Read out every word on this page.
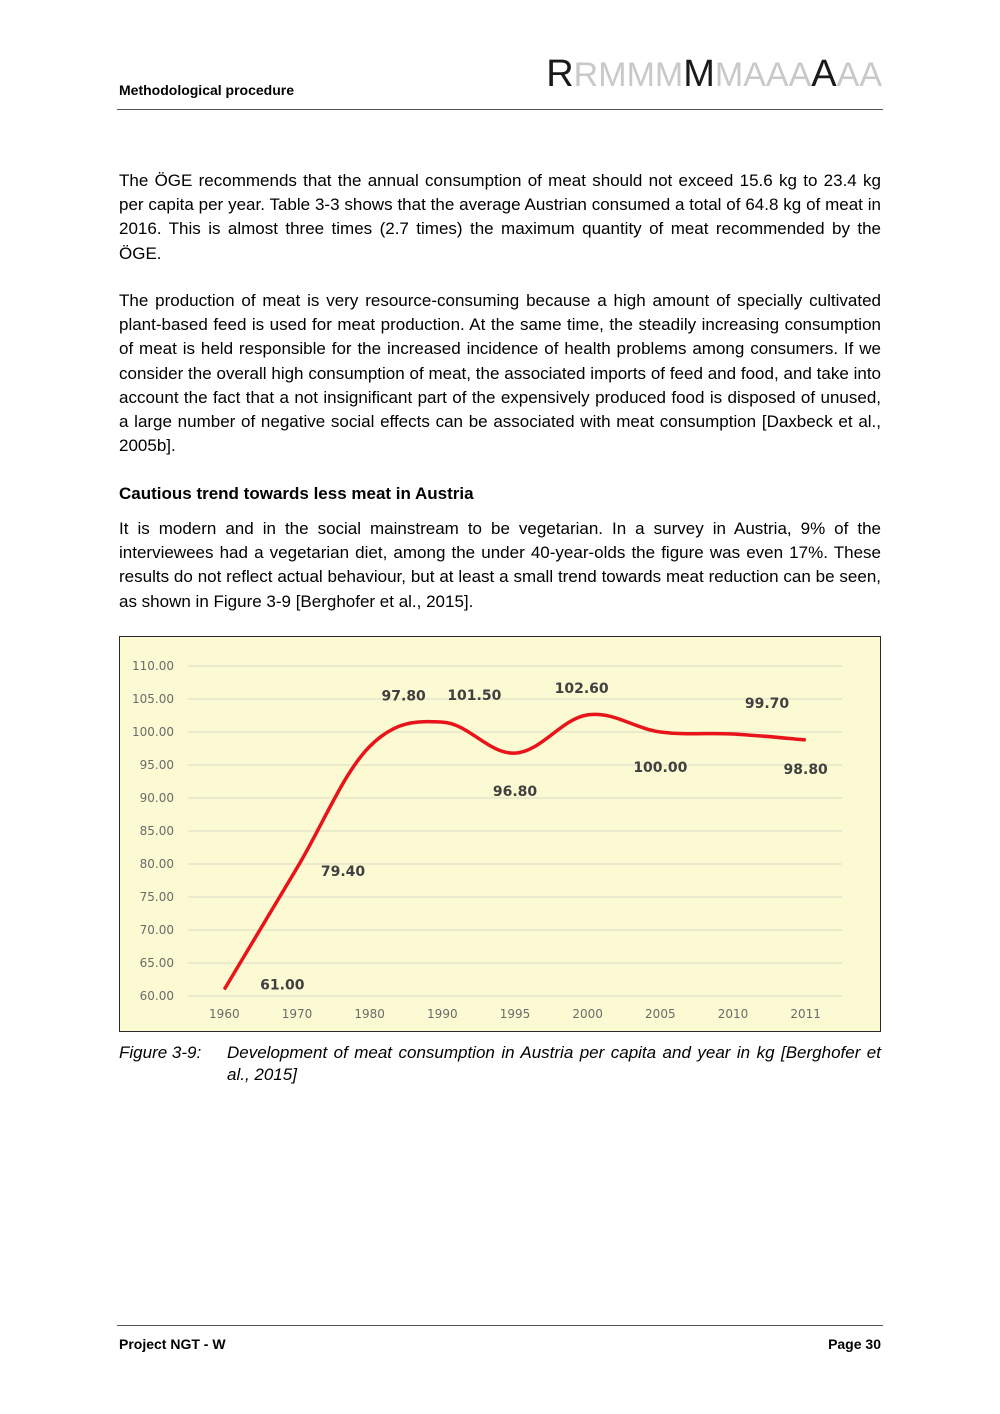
Methodological procedure	RRMMMMMAAAAAA

The ÖGE recommends that the annual consumption of meat should not exceed 15.6 kg to 23.4 kg per capita per year. Table 3-3 shows that the average Austrian consumed a total of 64.8 kg of meat in 2016. This is almost three times (2.7 times) the maximum quantity of meat recommended by the ÖGE.

The production of meat is very resource-consuming because a high amount of specially cultivated plant-based feed is used for meat production. At the same time, the steadily increasing consumption of meat is held responsible for the increased incidence of health problems among consumers. If we consider the overall high consumption of meat, the associated imports of feed and food, and take into account the fact that a not insignificant part of the expensively produced food is disposed of unused, a large number of negative social effects can be associated with meat consumption [Daxbeck et al., 2005b].

Cautious trend towards less meat in Austria

It is modern and in the social mainstream to be vegetarian. In a survey in Austria, 9% of the interviewees had a vegetarian diet, among the under 40-year-olds the figure was even 17%. These results do not reflect actual behaviour, but at least a small trend towards meat reduction can be seen, as shown in Figure 3-9 [Berghofer et al., 2015].

60.00
65.00
70.00
75.00
80.00
85.00
90.00
95.00
100.00
105.00
110.00
1960	1970	1980	1990	1995	2000	2005	2010	2011
61.00
79.40
97.80 101.50
96.80
102.60
100.00
99.70
98.80
Figure 3-9: Development of meat consumption in Austria per capita and year in kg [Berghofer et al., 2015]

Project NGT - W	Page 30
